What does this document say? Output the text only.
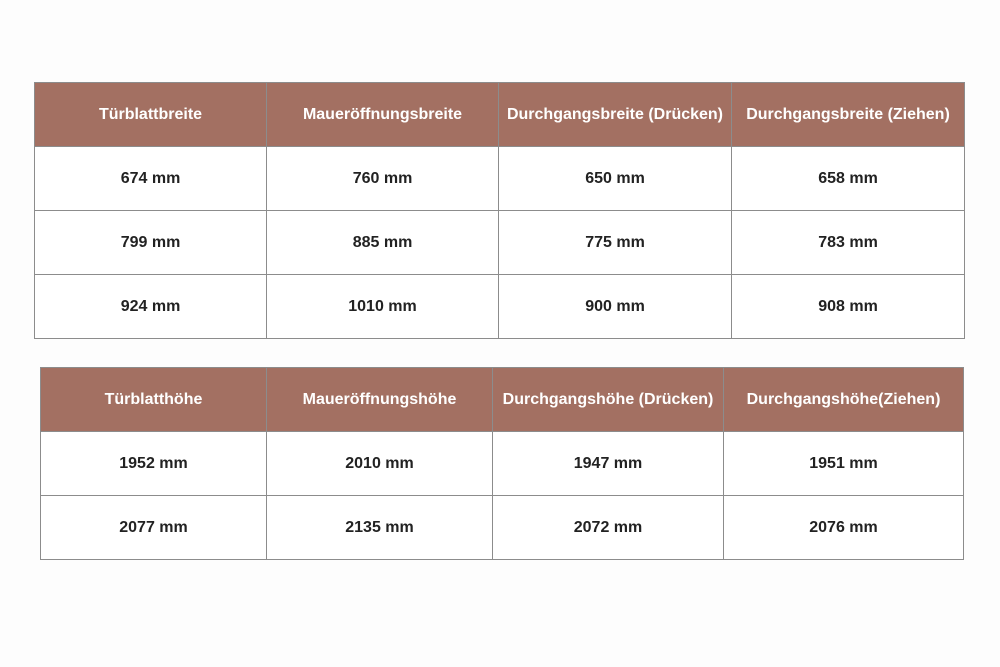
Türblattbreite	Maueröffnungsbreite	Durchgangsbreite (Drücken)	Durchgangsbreite (Ziehen)
674 mm	760 mm	650 mm	658 mm
799 mm	885 mm	775 mm	783 mm
924 mm	1010 mm	900 mm	908 mm
Türblatthöhe	Maueröffnungshöhe	Durchgangshöhe (Drücken)	Durchgangshöhe(Ziehen)
1952 mm	2010 mm	1947 mm	1951 mm
2077 mm	2135 mm	2072 mm	2076 mm
